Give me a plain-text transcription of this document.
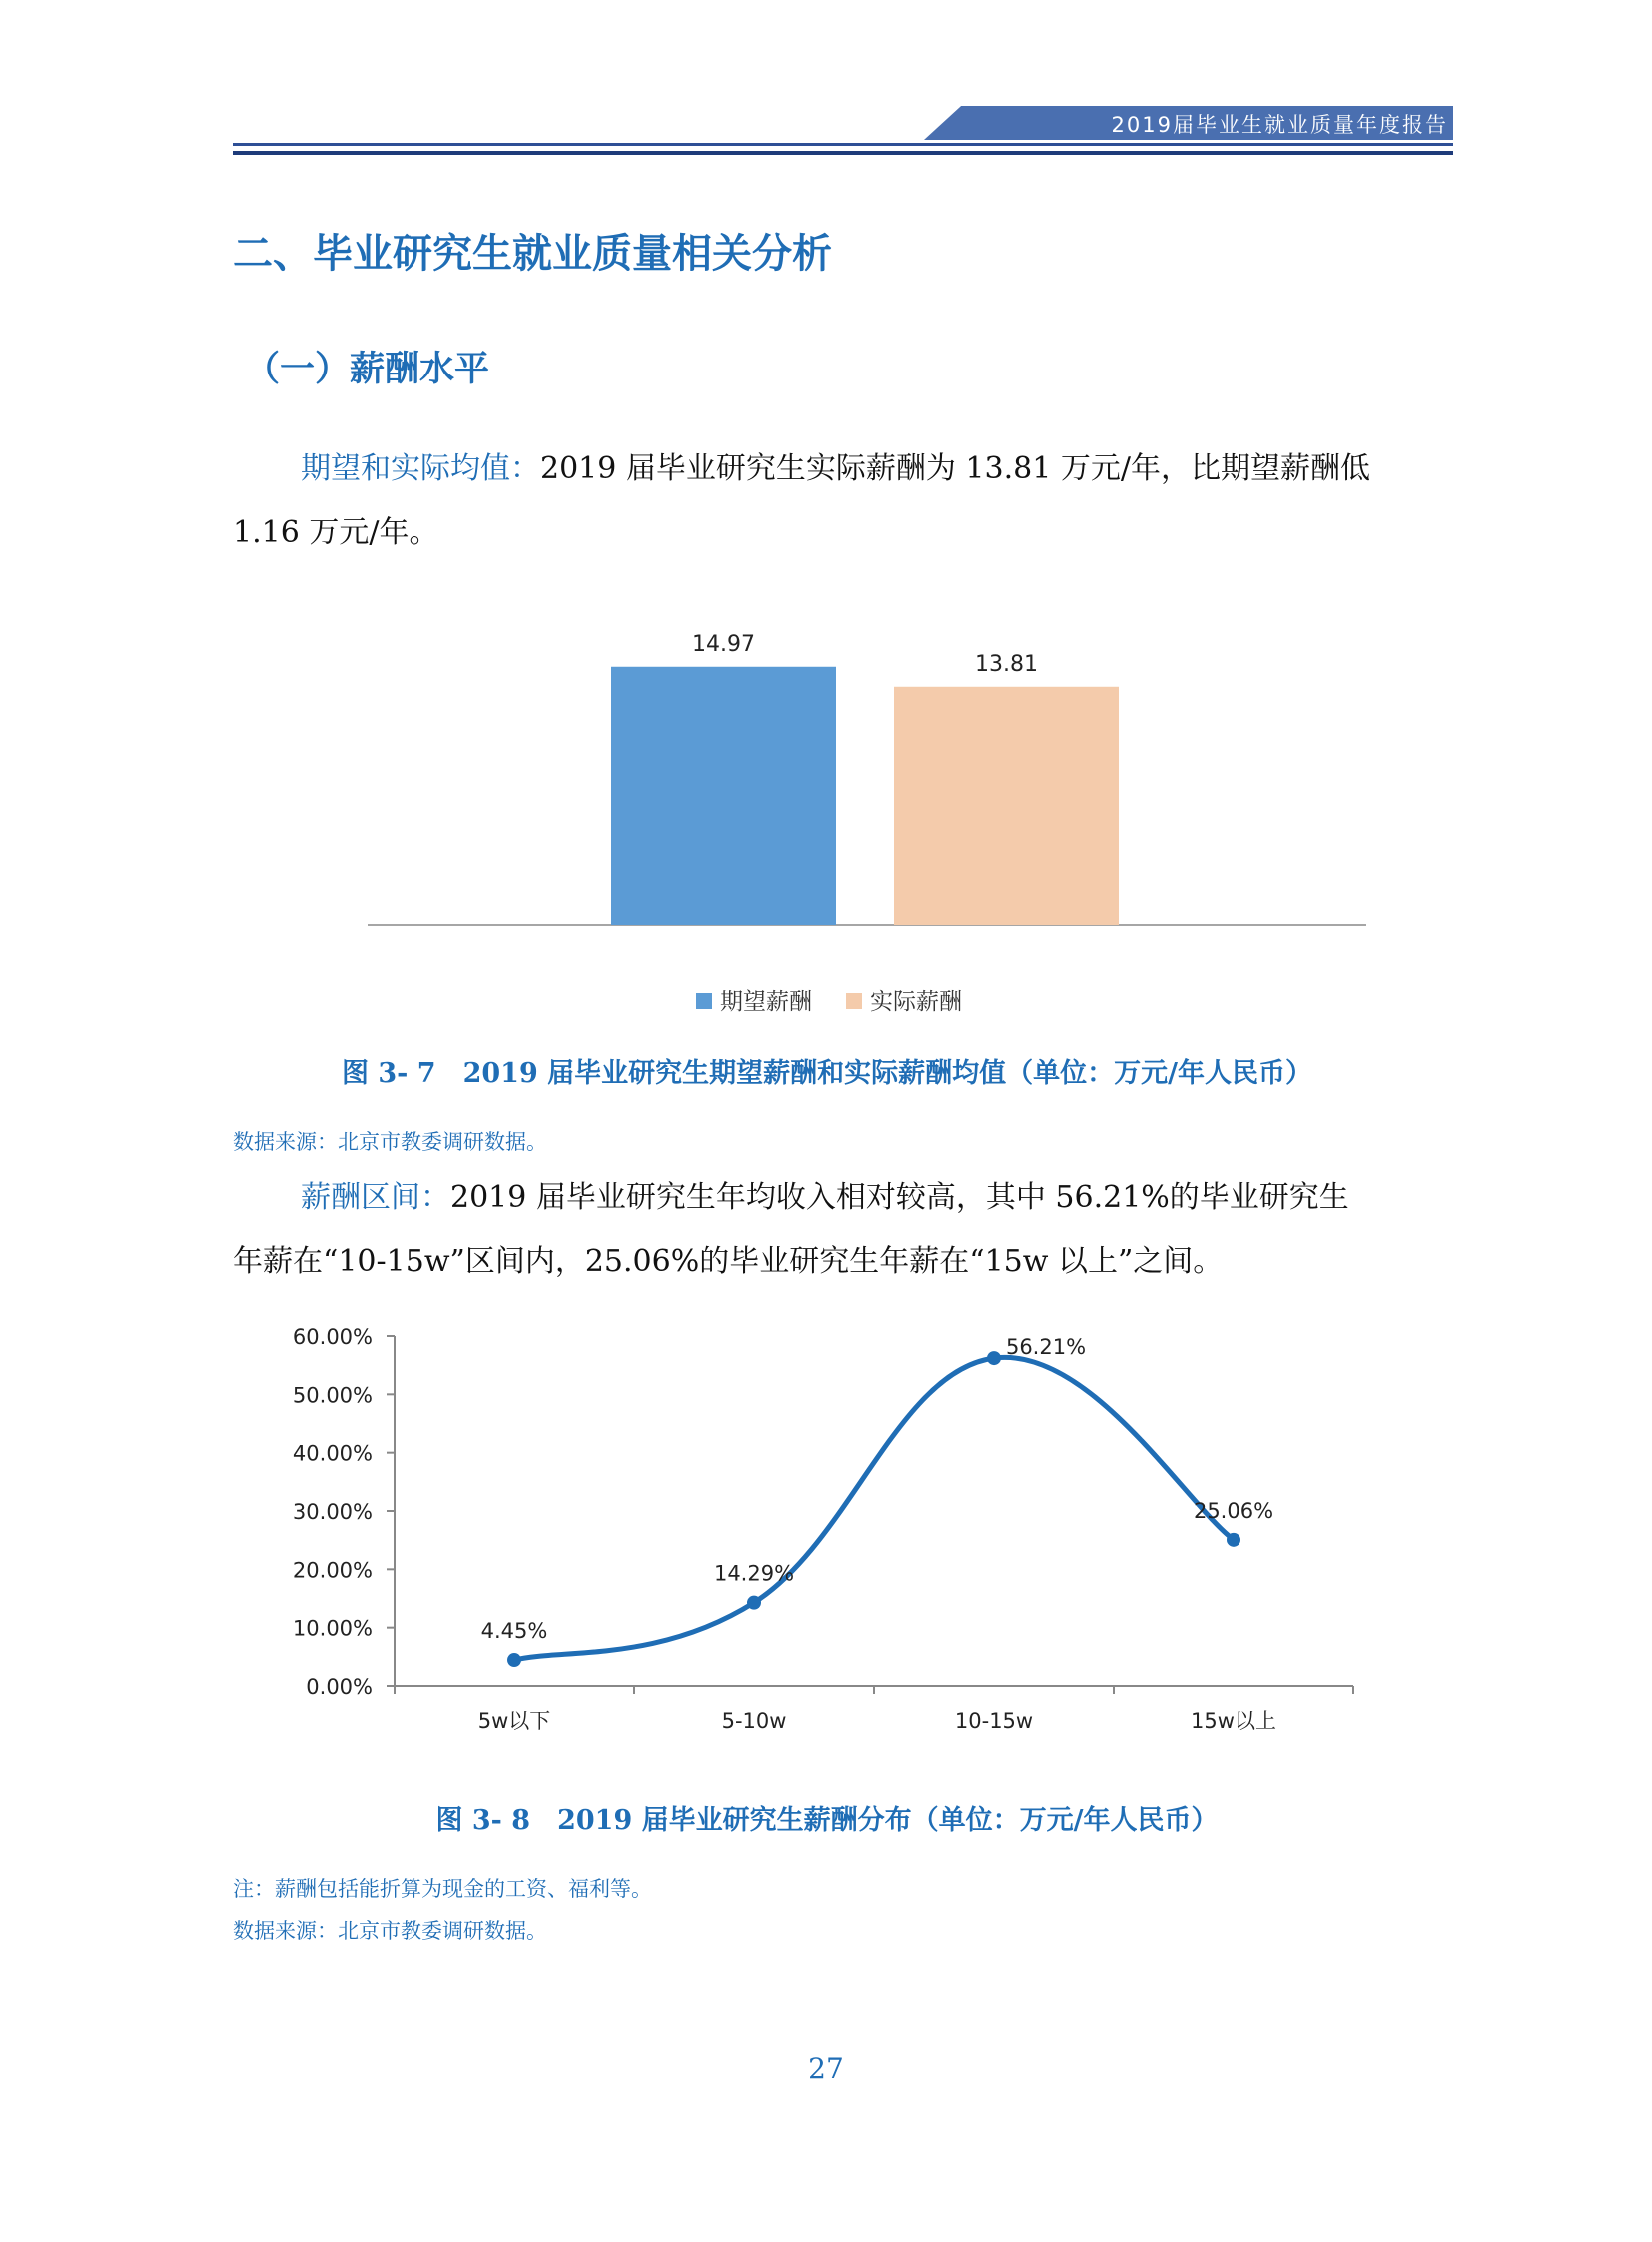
2019届毕业生就业质量年度报告
二、毕业研究生就业质量相关分析
（一）薪酬水平
期望和实际均值：2019 届毕业研究生实际薪酬为 13.81 万元/年，比期望薪酬低
1.16 万元/年。
14.97
13.81
期望薪酬	实际薪酬
图 3- 7　2019 届毕业研究生期望薪酬和实际薪酬均值（单位：万元/年人民币）
数据来源：北京市教委调研数据。
薪酬区间：2019 届毕业研究生年均收入相对较高，其中 56.21%的毕业研究生
年薪在“10-15w”区间内，25.06%的毕业研究生年薪在“15w 以上”之间。
0.00%
10.00%
20.00%
30.00%
40.00%
50.00%
60.00%
5w以下	5-10w	10-15w	15w以上
4.45%
14.29%
56.21%
25.06%
图 3- 8　2019 届毕业研究生薪酬分布（单位：万元/年人民币）
注：薪酬包括能折算为现金的工资、福利等。
数据来源：北京市教委调研数据。
27
